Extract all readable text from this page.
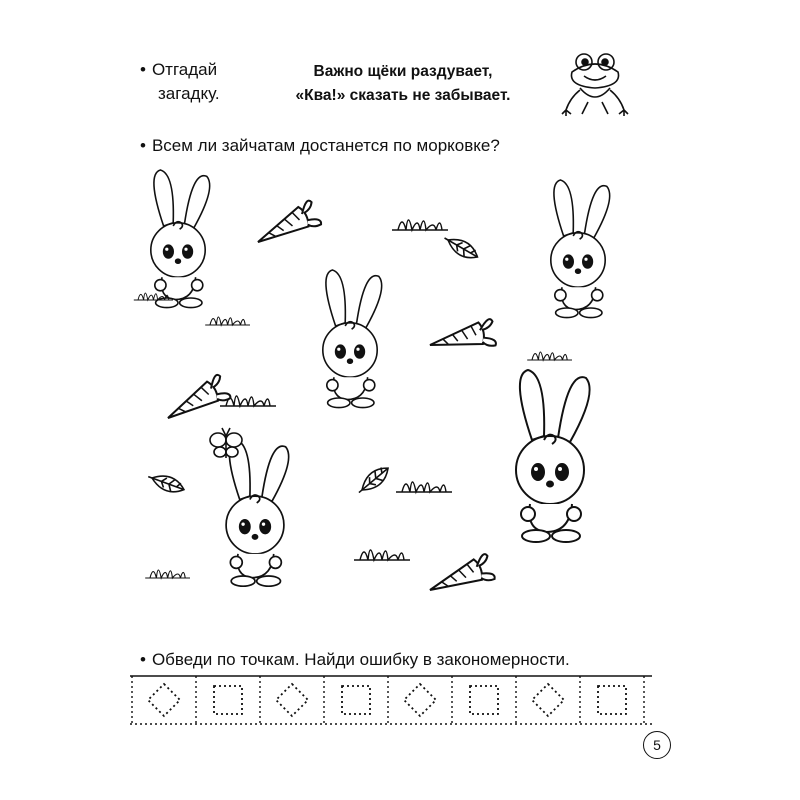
• Отгадай
загадку.
Важно щёки раздувает,
«Ква!» сказать не забывает.
• Всем ли зайчатам достанется по морковке?
• Обведи по точкам. Найди ошибку в закономерности.
5
